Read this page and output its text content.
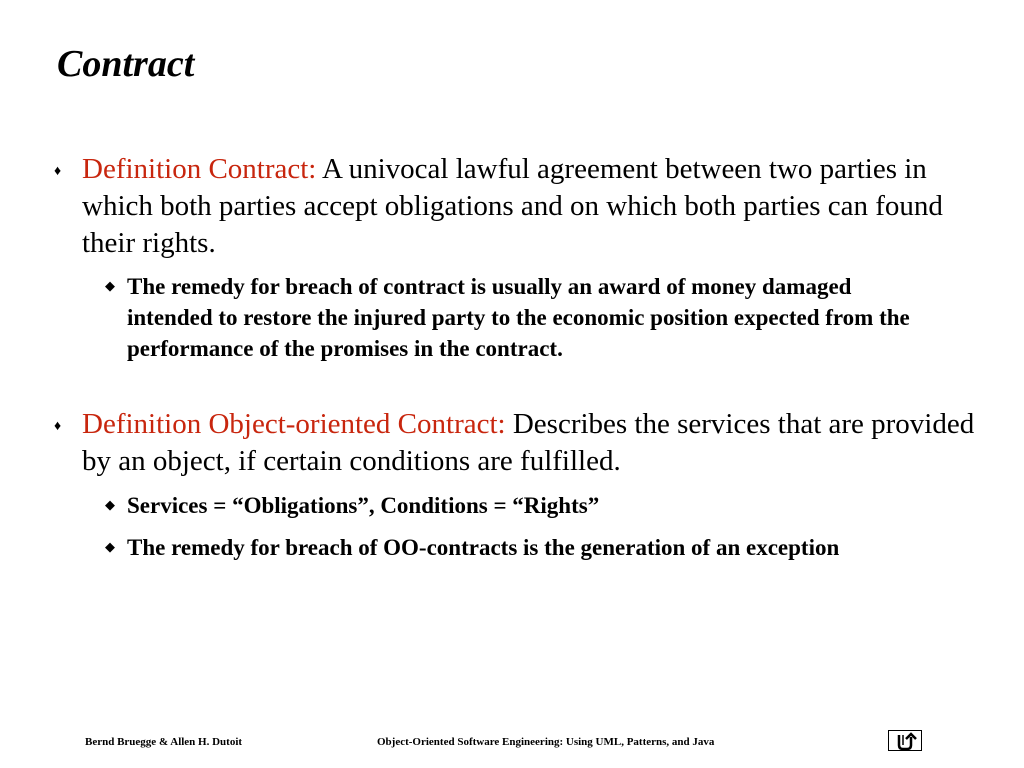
Contract
♦ Definition Contract: A univocal lawful agreement between two parties in which both parties accept obligations and on which both parties can found their rights.
◆ The remedy for breach of contract is usually an award of money damaged intended to restore the injured party to the economic position expected from the performance of the promises in the contract.
♦ Definition Object-oriented Contract: Describes the services that are provided by an object, if certain conditions are fulfilled.
◆ Services = “Obligations”, Conditions = “Rights”
◆ The remedy for breach of OO-contracts is the generation of an exception
Bernd Bruegge & Allen H. Dutoit	Object-Oriented Software Engineering: Using UML, Patterns, and Java
